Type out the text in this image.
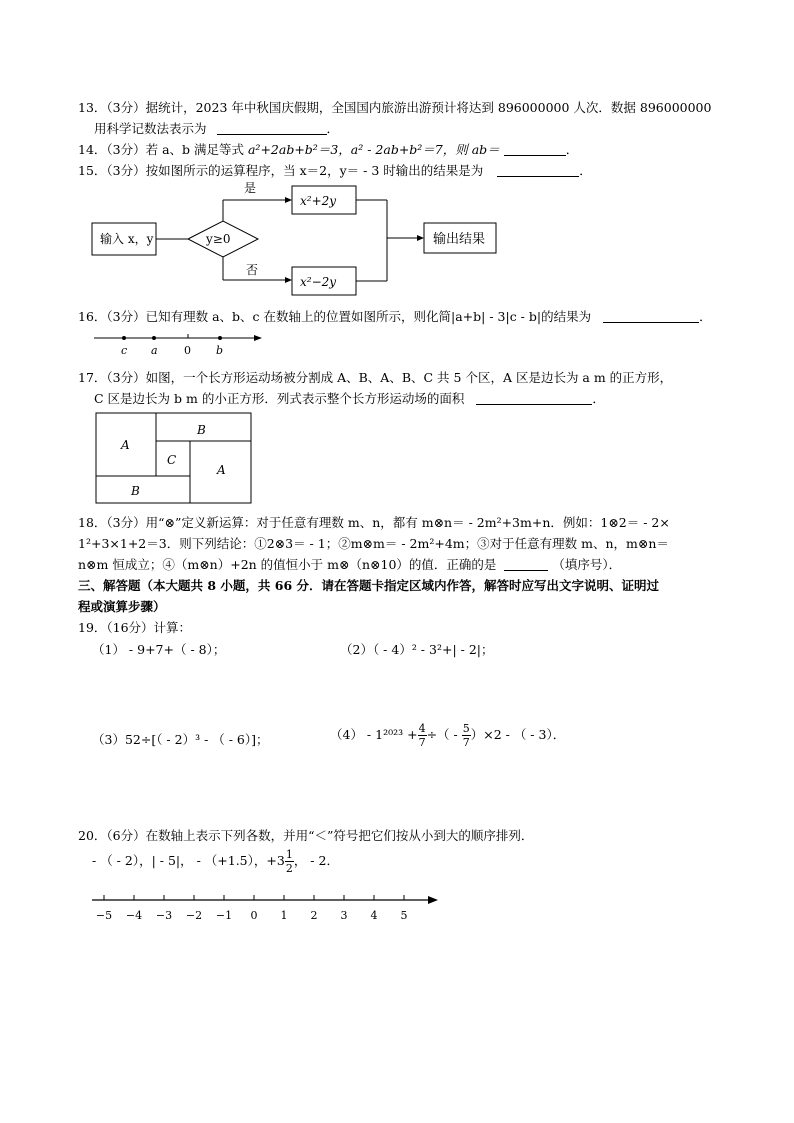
13．（3分）据统计，2023 年中秋国庆假期，全国国内旅游出游预计将达到 896000000 人次．数据 896000000
用科学记数法表示为	．
14．（3分）若 a、b 满足等式 a²+2ab+b²＝3，a² - 2ab+b²＝7，则 ab＝	．
15．（3分）按如图所示的运算程序，当 x＝2，y＝ - 3 时输出的结果是为	．
输入 x，y	y≥0
是
x²+2y
否
x²−2y
输出结果
16．（3分）已知有理数 a、b、c 在数轴上的位置如图所示，则化简|a+b| - 3|c - b|的结果为	．
c a 0 b
17．（3分）如图，一个长方形运动场被分割成 A、B、A、B、C 共 5 个区，A 区是边长为 a m 的正方形，
C 区是边长为 b m 的小正方形．列式表示整个长方形运动场的面积	．
A
B
C
A
B
18．（3分）用“⊗”定义新运算：对于任意有理数 m、n，都有 m⊗n＝ - 2m²+3m+n．例如：1⊗2＝ - 2×
1²+3×1+2＝3．则下列结论：①2⊗3＝ - 1；②m⊗m＝ - 2m²+4m；③对于任意有理数 m、n，m⊗n＝
n⊗m 恒成立；④（m⊗n）+2n 的值恒小于 m⊗（n⊗10）的值．正确的是	（填序号）．
三、解答题（本大题共 8 小题，共 66 分．请在答题卡指定区域内作答，解答时应写出文字说明、证明过
程或演算步骤）
19．（16分）计算：
（1） - 9+7+（ - 8）；	（2）（ - 4）² - 3²+| - 2|；
（3）52÷[（ - 2）³ - （ - 6）]；	$(4) - 1^{2023} + \frac{4}{7}$ ÷（ - $\frac{5}{7} )\times 2$ - （ - 3）．
20．（6分）在数轴上表示下列各数，并用“＜”符号把它们按从小到大的顺序排列．
- （ - 2），| - 5|， - （+1.5），$+3 \frac{1}{2}$ ， - 2．
−5 −4 −3 −2 −1 0 1 2 3 4 5
